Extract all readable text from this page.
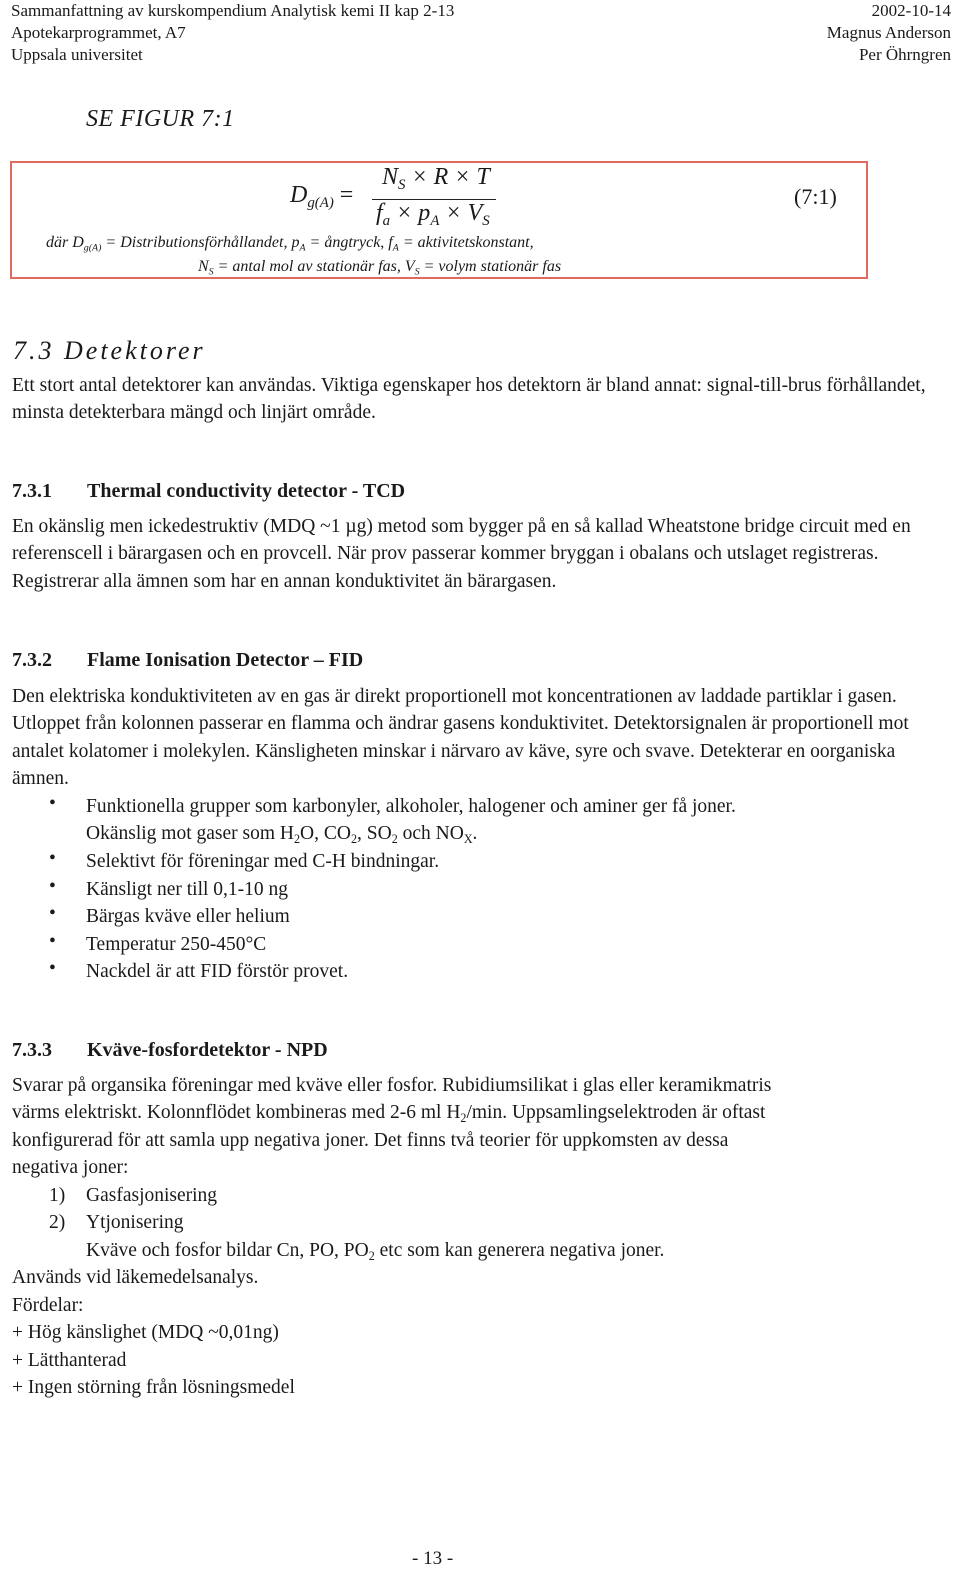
Sammanfattning av kurskompendium Analytisk kemi II kap 2-13
Apotekarprogrammet, A7
Uppsala universitet
2002-10-14
Magnus Anderson
Per Öhrngren
SE FIGUR 7:1
$D_{g(A)}$ =
$N_S \times R \times T$
$f_a \times p_A \times V_S$
(7:1)
där $D_{g(A)}$ = Distributionsförhållandet, $p_A$ = ångtryck, $f_A$ = aktivitetskonstant,
$N_S$ = antal mol av stationär fas, $V_S$ = volym stationär fas
7.3 Detektorer
Ett stort antal detektorer kan användas. Viktiga egenskaper hos detektorn är bland annat: signal-till-brus förhållandet, minsta detekterbara mängd och linjärt område.
7.3.1 Thermal conductivity detector - TCD
En okänslig men ickedestruktiv (MDQ ~1 µg) metod som bygger på en så kallad Wheatstone bridge circuit med en referenscell i bärargasen och en provcell. När prov passerar kommer bryggan i obalans och utslaget registreras. Registrerar alla ämnen som har en annan konduktivitet än bärargasen.
7.3.2 Flame Ionisation Detector – FID
Den elektriska konduktiviteten av en gas är direkt proportionell mot koncentrationen av laddade partiklar i gasen. Utloppet från kolonnen passerar en flamma och ändrar gasens konduktivitet. Detektorsignalen är proportionell mot antalet kolatomer i molekylen. Känsligheten minskar i närvaro av käve, syre och svave. Detekterar en oorganiska ämnen.
• Funktionella grupper som karbonyler, alkoholer, halogener och aminer ger få joner.
Okänslig mot gaser som $H_2O$, $CO_2$, $SO_2$ och $NO_X$.
• Selektivt för föreningar med C-H bindningar.
• Känsligt ner till 0,1-10 ng
• Bärgas kväve eller helium
• Temperatur 250-450°C
• Nackdel är att FID förstör provet.
7.3.3 Kväve-fosfordetektor - NPD
Svarar på organsika föreningar med kväve eller fosfor. Rubidiumsilikat i glas eller keramikmatris
värms elektriskt. Kolonnflödet kombineras med 2-6 ml $H_2/\min$. Uppsamlingselektroden är oftast
konfigurerad för att samla upp negativa joner. Det finns två teorier för uppkomsten av dessa
negativa joner:
1) Gasfasjonisering
2) Ytjonisering
Kväve och fosfor bildar Cn, PO, $PO_2$ etc som kan generera negativa joner.
Används vid läkemedelsanalys.
Fördelar:
+ Hög känslighet (MDQ ~0,01ng)
+ Lätthanterad
+ Ingen störning från lösningsmedel
- 13 -
